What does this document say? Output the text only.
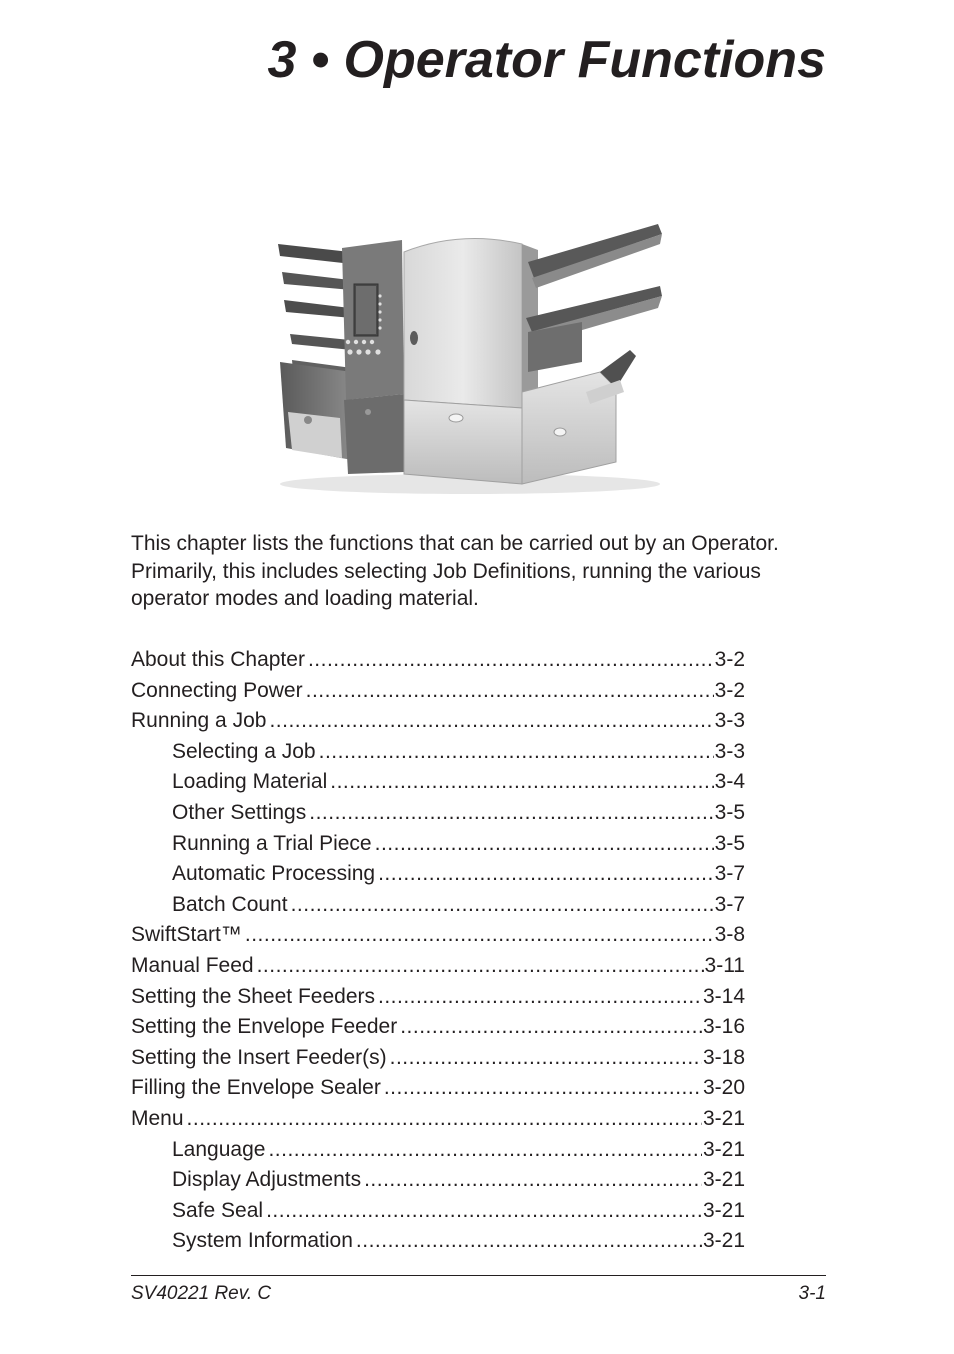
3 • Operator Functions

This chapter lists the functions that can be carried out by an Operator. Primarily, this includes selecting Job Definitions, running the various operator modes and loading material.

About this Chapter .....	3-2
Connecting Power .....	3-2
Running a Job .....	3-3
Selecting a Job .....	3-3
Loading Material .....	3-4
Other Settings .....	3-5
Running a Trial Piece .....	3-5
Automatic Processing .....	3-7
Batch Count .....	3-7
SwiftStart™ .....	3-8
Manual Feed .....	3-11
Setting the Sheet Feeders .....	3-14
Setting the Envelope Feeder .....	3-16
Setting the Insert Feeder(s) .....	3-18
Filling the Envelope Sealer .....	3-20
Menu .....	3-21
Language .....	3-21
Display Adjustments .....	3-21
Safe Seal .....	3-21
System Information .....	3-21
SV40221 Rev. C	3-1
